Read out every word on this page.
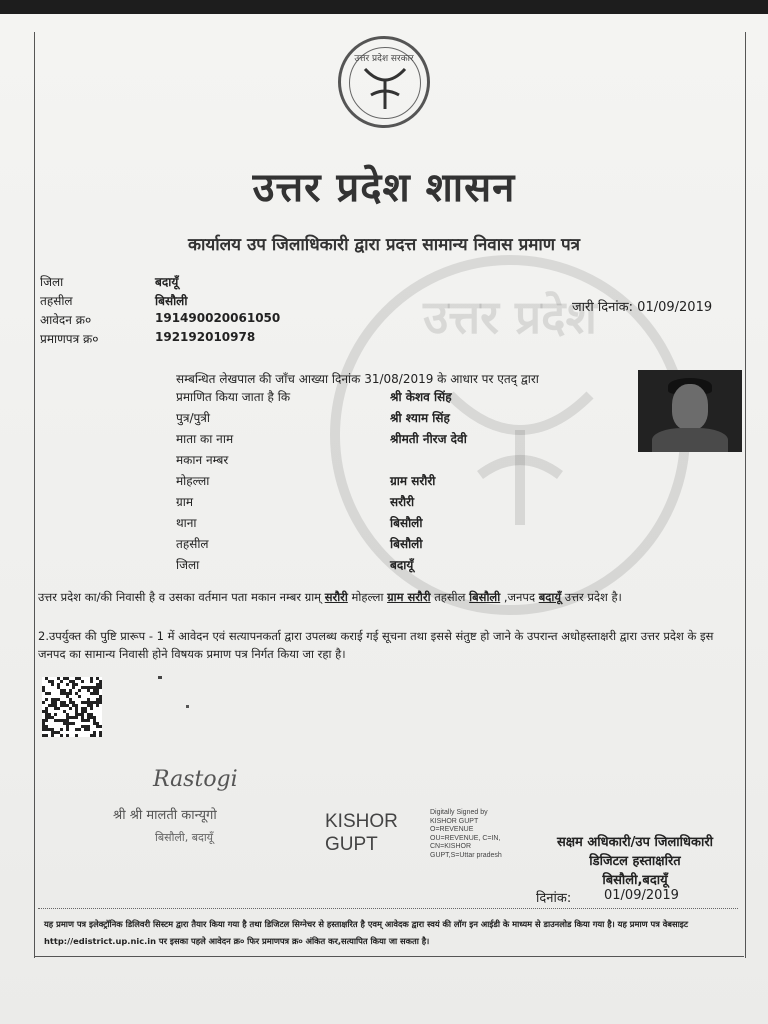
उत्तर प्रदेश
उत्तर प्रदेश सरकार
उत्तर प्रदेश शासन
कार्यालय उप जिलाधिकारी द्वारा प्रदत्त सामान्य निवास प्रमाण पत्र
जिला	बदायूँ
तहसील	बिसौली
आवेदन क्र०	191490020061050
प्रमाणपत्र क्र०	192192010978
जारी दिनांक: 01/09/2019
सम्बन्धित लेखपाल की जाँच आख्या दिनांक 31/08/2019 के आधार पर एतद् द्वारा
प्रमाणित किया जाता है कि	श्री केशव सिंह
पुत्र/पुत्री	श्री श्याम सिंह
माता का नाम	श्रीमती नीरज देवी
मकान नम्बर
मोहल्ला	ग्राम सरौरी
ग्राम	सरौरी
थाना	बिसौली
तहसील	बिसौली
जिला	बदायूँ
उत्तर प्रदेश का/की निवासी है व उसका वर्तमान पता मकान नम्बर ग्राम् सरौरी मोहल्ला ग्राम सरौरी तहसील बिसौली ,जनपद बदायूँ उत्तर प्रदेश है।
2.उपर्युक्त की पुष्टि प्रारूप - 1 में आवेदन एवं सत्यापनकर्ता द्वारा उपलब्ध कराई गई सूचना तथा इससे संतुष्ट हो जाने के उपरान्त अधोहस्ताक्षरी द्वारा उत्तर प्रदेश के इस जनपद का सामान्य निवासी होने विषयक प्रमाण पत्र निर्गत किया जा रहा है।
Rastogi
श्री श्री मालती कान्यूगो
बिसौली, बदायूँ
KISHOR
GUPT
Digitally Signed by
KISHOR GUPT
O=REVENUE
OU=REVENUE, C=IN,
CN=KISHOR
GUPT,S=Uttar pradesh
सक्षम अधिकारी/उप जिलाधिकारी
डिजिटल हस्ताक्षरित
बिसौली,बदायूँ
दिनांक:	01/09/2019
यह प्रमाण पत्र इलेक्ट्रॉनिक डिलिवरी सिस्टम द्वारा तैयार किया गया है तथा डिजिटल सिग्नेचर से हस्ताक्षरित है एवम् आवेदक द्वारा स्वयं की लॉग इन आईडी के माध्यम से डाउनलोड किया गया है। यह प्रमाण पत्र वेबसाइट http://edistrict.up.nic.in पर इसका पहले आवेदन क्र० फिर प्रमाणपत्र क्र० अंकित कर,सत्यापित किया जा सकता है।
